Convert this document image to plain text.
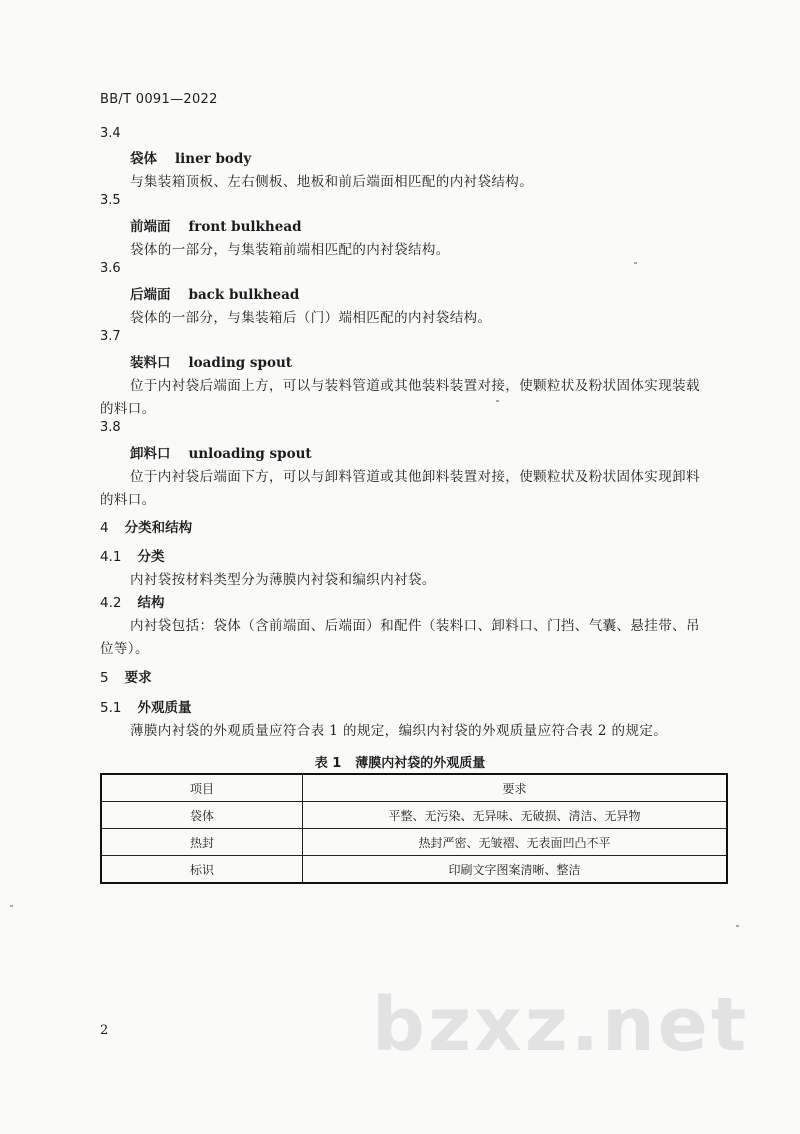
BB/T 0091—2022
3.4
袋体 liner body
与集装箱顶板、左右侧板、地板和前后端面相匹配的内衬袋结构。
3.5
前端面 front bulkhead
袋体的一部分，与集装箱前端相匹配的内衬袋结构。
3.6
后端面 back bulkhead
袋体的一部分，与集装箱后（门）端相匹配的内衬袋结构。
3.7
装料口 loading spout
位于内衬袋后端面上方，可以与装料管道或其他装料装置对接，使颗粒状及粉状固体实现装载
的料口。
3.8
卸料口 unloading spout
位于内衬袋后端面下方，可以与卸料管道或其他卸料装置对接，使颗粒状及粉状固体实现卸料
的料口。
4 分类和结构
4.1 分类
内衬袋按材料类型分为薄膜内衬袋和编织内衬袋。
4.2 结构
内衬袋包括：袋体（含前端面、后端面）和配件（装料口、卸料口、门挡、气囊、悬挂带、吊
位等）。
5 要求
5.1 外观质量
薄膜内衬袋的外观质量应符合表 1 的规定，编织内衬袋的外观质量应符合表 2 的规定。
表 1 薄膜内衬袋的外观质量
项目	要求
袋体	平整、无污染、无异味、无破损、清洁、无异物
热封	热封严密、无皱褶、无表面凹凸不平
标识	印刷文字图案清晰、整洁
2	bzxz.net
